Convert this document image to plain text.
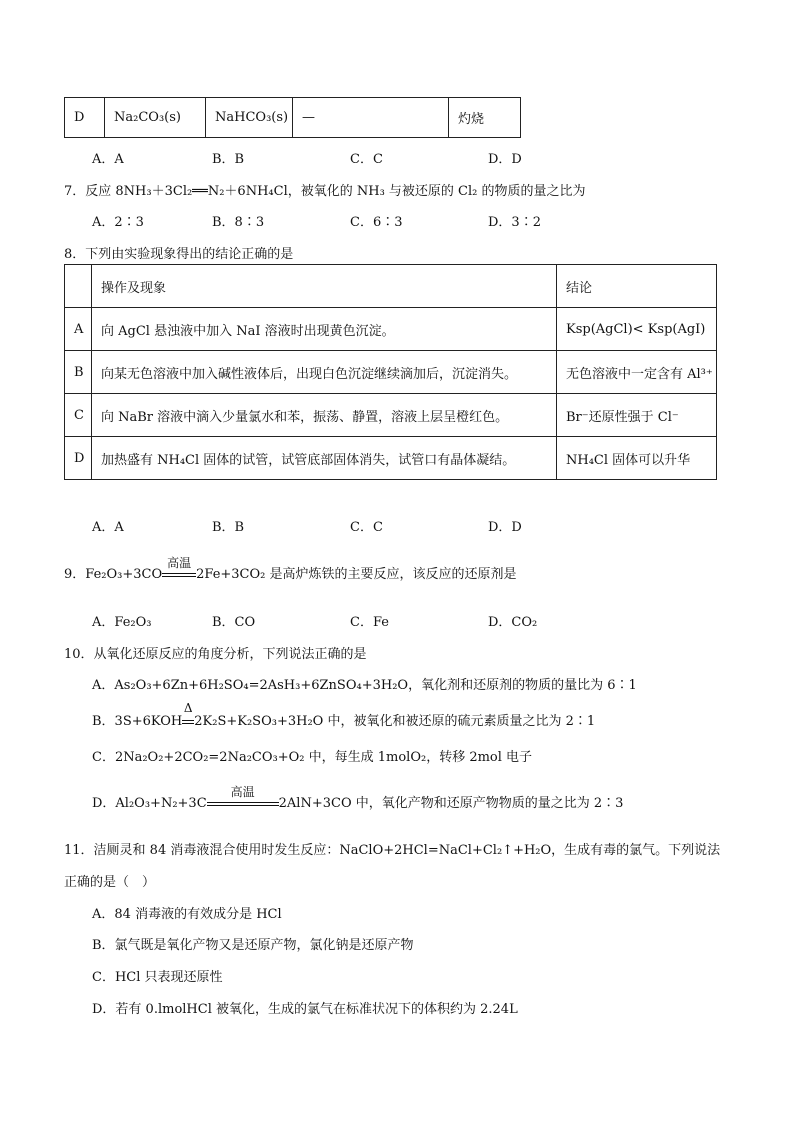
D	Na₂CO₃(s)	NaHCO₃(s)	—	灼烧
A．A	B．B	C．C	D．D
7．反应 8NH₃＋3Cl₂══N₂＋6NH₄Cl，被氧化的 NH₃ 与被还原的 Cl₂ 的物质的量之比为
A．2∶3	B．8∶3	C．6∶3	D．3∶2
8．下列由实验现象得出的结论正确的是
	操作及现象	结论
A	向 AgCl 悬浊液中加入 NaI 溶液时出现黄色沉淀。	Ksp(AgCl)< Ksp(AgI)
B	向某无色溶液中加入碱性液体后，出现白色沉淀继续滴加后，沉淀消失。	无色溶液中一定含有 Al³⁺
C	向 NaBr 溶液中滴入少量氯水和苯，振荡、静置，溶液上层呈橙红色。	Br⁻还原性强于 Cl⁻
D	加热盛有 NH₄Cl 固体的试管，试管底部固体消失，试管口有晶体凝结。	NH₄Cl 固体可以升华
A．A	B．B	C．C	D．D
9．Fe₂O₃+3CO
高温
2Fe+3CO₂ 是高炉炼铁的主要反应，该反应的还原剂是
A．Fe₂O₃	B．CO	C．Fe	D．CO₂
10．从氧化还原反应的角度分析，下列说法正确的是
A．As₂O₃+6Zn+6H₂SO₄=2AsH₃+6ZnSO₄+3H₂O，氧化剂和还原剂的物质的量比为 6∶1
B．3S+6KOH
Δ
2K₂S+K₂SO₃+3H₂O 中，被氧化和被还原的硫元素质量之比为 2∶1
C．2Na₂O₂+2CO₂=2Na₂CO₃+O₂ 中，每生成 1molO₂，转移 2mol 电子
D．Al₂O₃+N₂+3C
高温
2AlN+3CO 中，氧化产物和还原产物物质的量之比为 2∶3
11．洁厕灵和 84 消毒液混合使用时发生反应：NaClO+2HCl=NaCl+Cl₂↑+H₂O，生成有毒的氯气。下列说法
正确的是（　）
A．84 消毒液的有效成分是 HCl
B．氯气既是氧化产物又是还原产物，氯化钠是还原产物
C．HCl 只表现还原性
D．若有 0.lmolHCl 被氧化，生成的氯气在标准状况下的体积约为 2.24L
